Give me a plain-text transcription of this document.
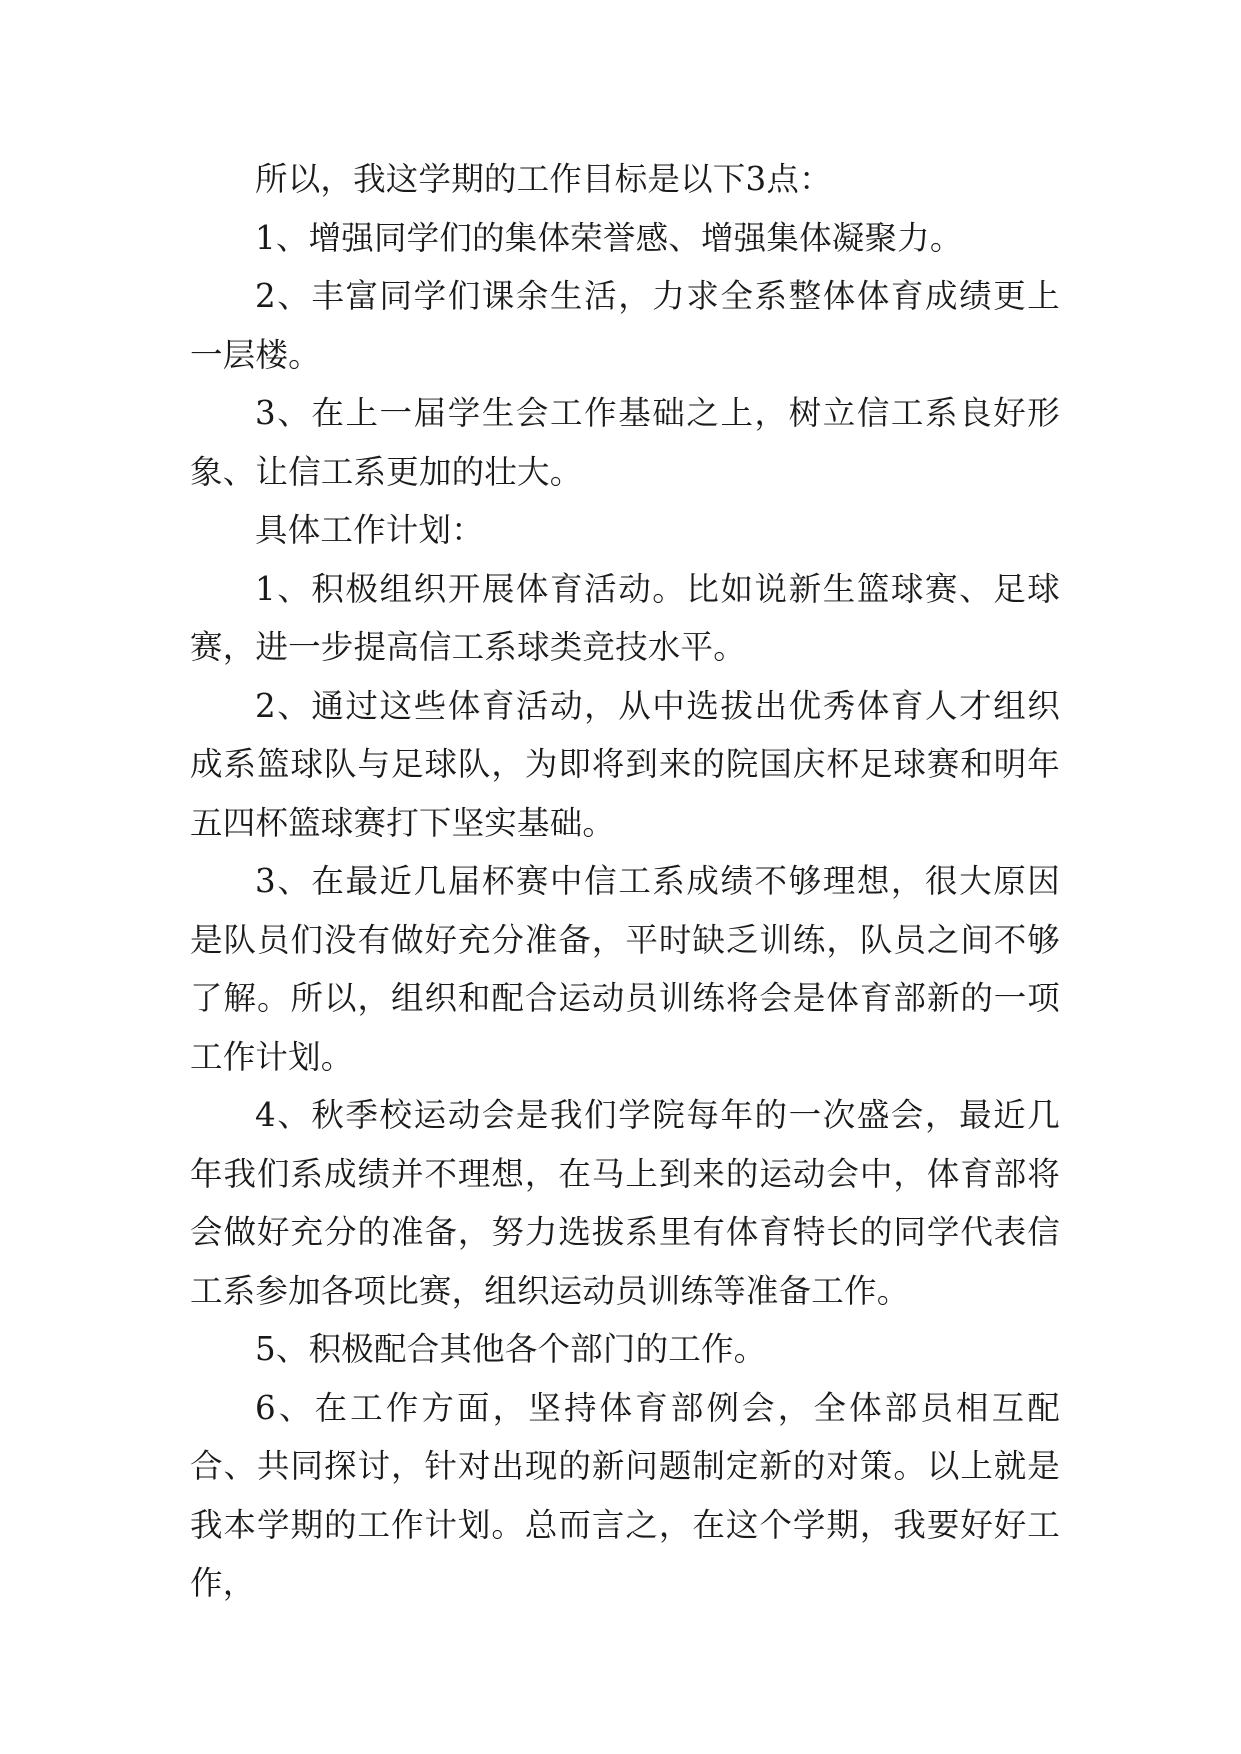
所以，我这学期的工作目标是以下3点：

1、增强同学们的集体荣誉感、增强集体凝聚力。

2、丰富同学们课余生活，力求全系整体体育成绩更上一层楼。

3、在上一届学生会工作基础之上，树立信工系良好形象、让信工系更加的壮大。

具体工作计划：

1、积极组织开展体育活动。比如说新生篮球赛、足球赛，进一步提高信工系球类竞技水平。

2、通过这些体育活动，从中选拔出优秀体育人才组织成系篮球队与足球队，为即将到来的院国庆杯足球赛和明年五四杯篮球赛打下坚实基础。

3、在最近几届杯赛中信工系成绩不够理想，很大原因是队员们没有做好充分准备，平时缺乏训练，队员之间不够了解。所以，组织和配合运动员训练将会是体育部新的一项工作计划。

4、秋季校运动会是我们学院每年的一次盛会，最近几年我们系成绩并不理想，在马上到来的运动会中，体育部将会做好充分的准备，努力选拔系里有体育特长的同学代表信工系参加各项比赛，组织运动员训练等准备工作。

5、积极配合其他各个部门的工作。

6、在工作方面，坚持体育部例会，全体部员相互配合、共同探讨，针对出现的新问题制定新的对策。以上就是我本学期的工作计划。总而言之，在这个学期，我要好好工作，
